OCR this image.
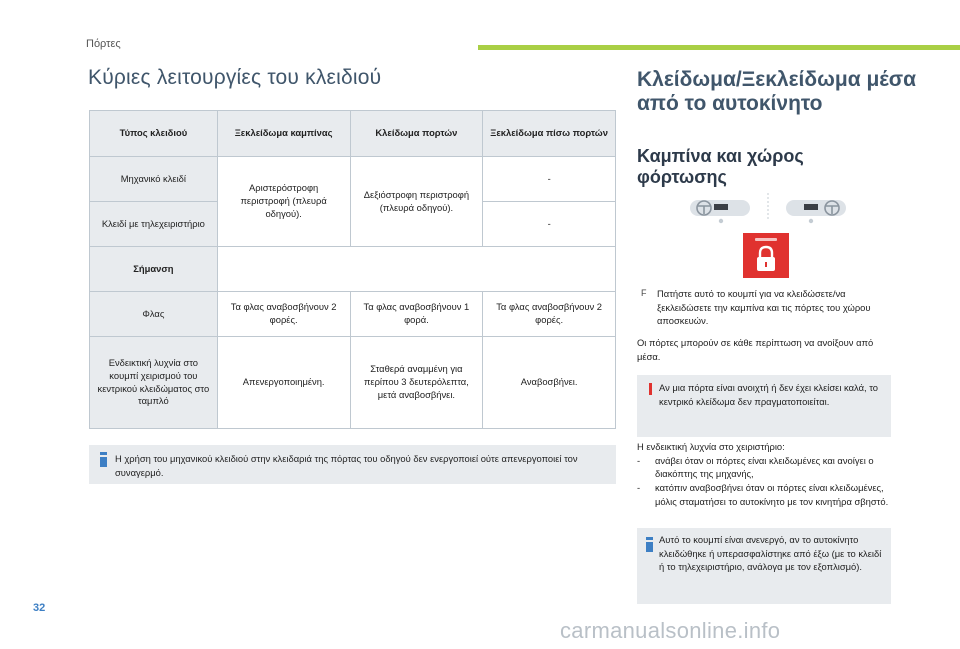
Πόρτες
Κύριες λειτουργίες του κλειδιού
Τύπος κλειδιού	Ξεκλείδωμα καμπίνας	Κλείδωμα πορτών	Ξεκλείδωμα πίσω πορτών
Μηχανικό κλειδί	Αριστερόστροφη περιστροφή (πλευρά οδηγού).	Δεξιόστροφη περιστροφή (πλευρά οδηγού).	-
Κλειδί με τηλεχειριστήριο			-
Σήμανση			
Φλας	Τα φλας αναβοσβήνουν 2 φορές.	Τα φλας αναβοσβήνουν 1 φορά.	Τα φλας αναβοσβήνουν 2 φορές.
Ενδεικτική λυχνία στο κουμπί χειρισμού του κεντρικού κλειδώματος στο ταμπλό	Απενεργοποιημένη.	Σταθερά αναμμένη για περίπου 3 δευτερόλεπτα, μετά αναβοσβήνει.	Αναβοσβήνει.
Η χρήση του μηχανικού κλειδιού στην κλειδαριά της πόρτας του οδηγού δεν ενεργοποιεί ούτε απενεργοποιεί τον συναγερμό.
Κλείδωμα/Ξεκλείδωμα μέσα από το αυτοκίνητο
Καμπίνα και χώρος φόρτωσης
F	Πατήστε αυτό το κουμπί για να κλειδώσετε/να ξεκλειδώσετε την καμπίνα και τις πόρτες του χώρου αποσκευών.
Οι πόρτες μπορούν σε κάθε περίπτωση να ανοίξουν από μέσα.
Αν μια πόρτα είναι ανοιχτή ή δεν έχει κλείσει καλά, το κεντρικό κλείδωμα δεν πραγματοποιείται.
Η ενδεικτική λυχνία στο χειριστήριο:
- ανάβει όταν οι πόρτες είναι κλειδωμένες και ανοίγει ο διακόπτης της μηχανής,
- κατόπιν αναβοσβήνει όταν οι πόρτες είναι κλειδωμένες, μόλις σταματήσει το αυτοκίνητο με τον κινητήρα σβηστό.
Αυτό το κουμπί είναι ανενεργό, αν το αυτοκίνητο κλειδώθηκε ή υπερασφαλίστηκε από έξω (με το κλειδί ή το τηλεχειριστήριο, ανάλογα με τον εξοπλισμό).
32
carmanualsonline.info
